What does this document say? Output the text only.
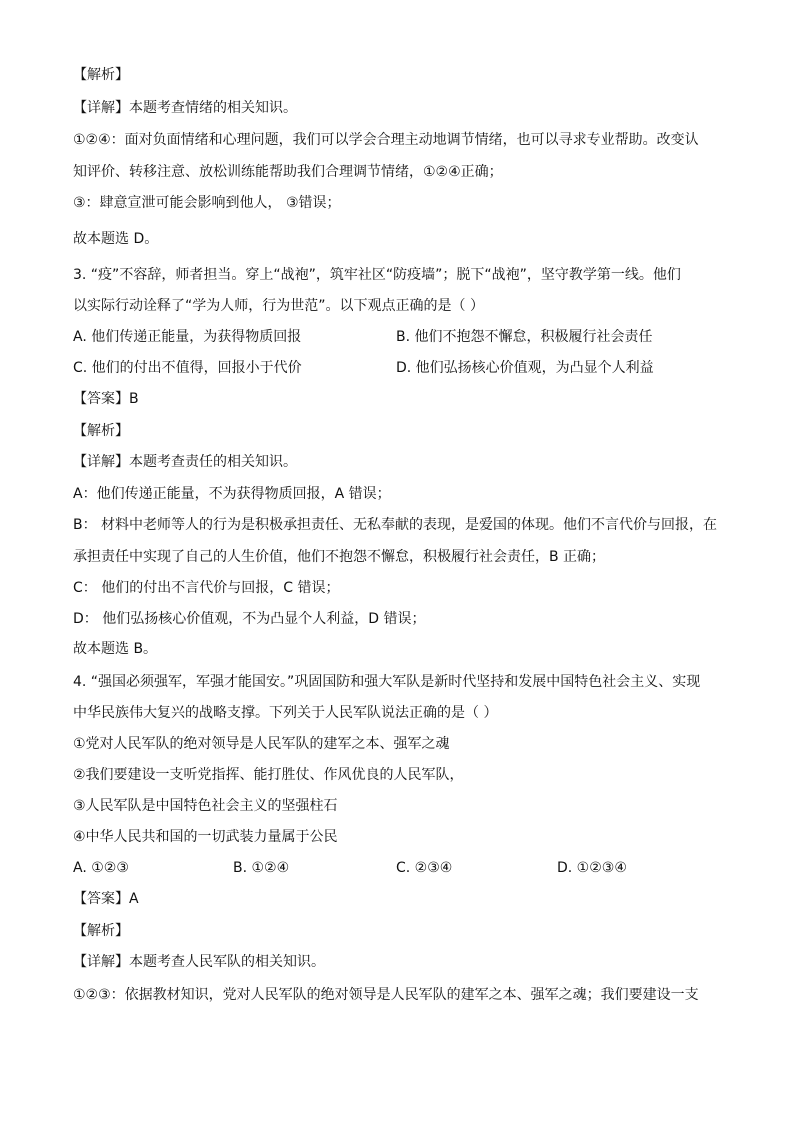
【解析】
【详解】本题考查情绪的相关知识。
①②④：面对负面情绪和心理问题，我们可以学会合理主动地调节情绪，也可以寻求专业帮助。改变认
知评价、转移注意、放松训练能帮助我们合理调节情绪，①②④正确；
③：肆意宣泄可能会影响到他人， ③错误；
故本题选 D。
3. “疫”不容辞，师者担当。穿上“战袍”，筑牢社区“防疫墙”；脱下“战袍”，坚守教学第一线。他们
以实际行动诠释了“学为人师，行为世范”。以下观点正确的是（ ）
A. 他们传递正能量，为获得物质回报	B. 他们不抱怨不懈怠，积极履行社会责任
C. 他们的付出不值得，回报小于代价	D. 他们弘扬核心价值观，为凸显个人利益
【答案】B
【解析】
【详解】本题考查责任的相关知识。
A：他们传递正能量，不为获得物质回报，A 错误；
B： 材料中老师等人的行为是积极承担责任、无私奉献的表现，是爱国的体现。他们不言代价与回报，在
承担责任中实现了自己的人生价值，他们不抱怨不懈怠，积极履行社会责任，B 正确；
C： 他们的付出不言代价与回报，C 错误；
D： 他们弘扬核心价值观，不为凸显个人利益，D 错误；
故本题选 B。
4. “强国必须强军，军强才能国安。”巩固国防和强大军队是新时代坚持和发展中国特色社会主义、实现
中华民族伟大复兴的战略支撑。下列关于人民军队说法正确的是（ ）
①党对人民军队的绝对领导是人民军队的建军之本、强军之魂
②我们要建设一支听党指挥、能打胜仗、作风优良的人民军队，
③人民军队是中国特色社会主义的坚强柱石
④中华人民共和国的一切武装力量属于公民
A. ①②③	B. ①②④	C. ②③④	D. ①②③④
【答案】A
【解析】
【详解】本题考查人民军队的相关知识。
①②③：依据教材知识，党对人民军队的绝对领导是人民军队的建军之本、强军之魂；我们要建设一支
